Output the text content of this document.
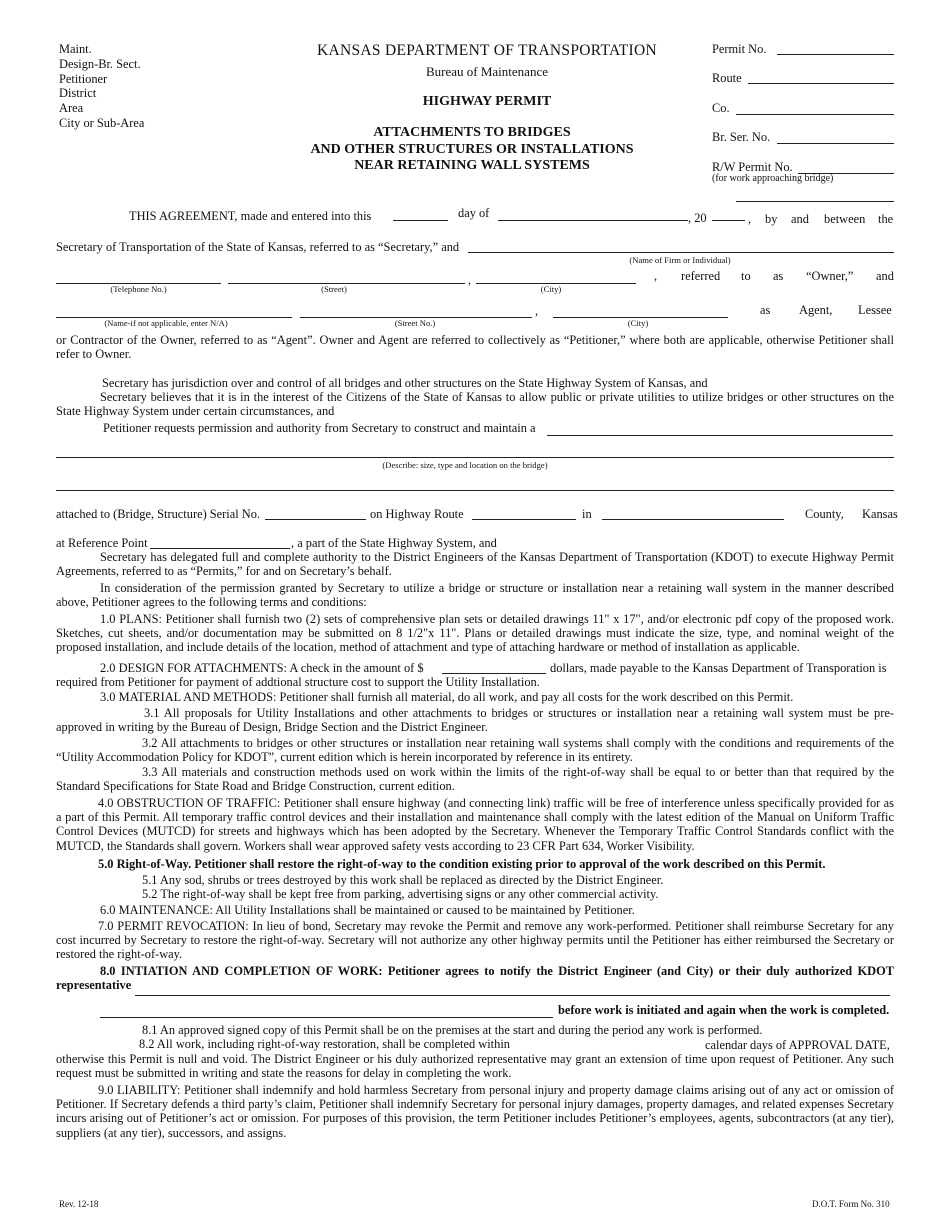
Maint.
Design-Br. Sect.
Petitioner
District
Area
City or Sub-Area
KANSAS DEPARTMENT OF TRANSPORTATION
Bureau of Maintenance
HIGHWAY PERMIT
ATTACHMENTS TO BRIDGES
AND OTHER STRUCTURES OR INSTALLATIONS
NEAR RETAINING WALL SYSTEMS
Permit No.
Route
Co.
Br. Ser. No.
R/W Permit No.
(for work approaching bridge)
THIS AGREEMENT, made and entered into this	day of	, 20	, by and between the
Secretary of Transportation of the State of Kansas, referred to as “Secretary,” and
(Name of Firm or Individual)
,
(Telephone No.)	(Street)	(City)
, referred to as “Owner,” and
,
(Name-if not applicable, enter N/A)	(Street No.)	(City)
as Agent, Lessee
or Contractor of the Owner, referred to as “Agent”. Owner and Agent are referred to collectively as “Petitioner,” where both are applicable, otherwise Petitioner shall refer to Owner.
Secretary has jurisdiction over and control of all bridges and other structures on the State Highway System of Kansas, and
Secretary believes that it is in the interest of the Citizens of the State of Kansas to allow public or private utilities to utilize bridges or other structures on the State Highway System under certain circumstances, and
Petitioner requests permission and authority from Secretary to construct and maintain a
(Describe: size, type and location on the bridge)
attached to (Bridge, Structure) Serial No.	on Highway Route	in	County, Kansas
at Reference Point	, a part of the State Highway System, and
Secretary has delegated full and complete authority to the District Engineers of the Kansas Department of Transportation (KDOT) to execute Highway Permit Agreements, referred to as “Permits,” for and on Secretary’s behalf.
In consideration of the permission granted by Secretary to utilize a bridge or structure or installation near a retaining wall system in the manner described above, Petitioner agrees to the following terms and conditions:
1.0 PLANS: Petitioner shall furnish two (2) sets of comprehensive plan sets or detailed drawings 11" x 17", and/or electronic pdf copy of the proposed work. Sketches, cut sheets, and/or documentation may be submitted on 8 1/2"x 11". Plans or detailed drawings must indicate the size, type, and nominal weight of the proposed installation, and include details of the location, method of attachment and type of attaching hardware or method of installation as applicable.
2.0 DESIGN FOR ATTACHMENTS: A check in the amount of $	dollars, made payable to the Kansas Department of Transporation is
required from Petitioner for payment of addtional structure cost to support the Utility Installation.
3.0 MATERIAL AND METHODS: Petitioner shall furnish all material, do all work, and pay all costs for the work described on this Permit.
3.1 All proposals for Utility Installations and other attachments to bridges or structures or installation near a retaining wall system must be pre-approved in writing by the Bureau of Design, Bridge Section and the District Engineer.
3.2 All attachments to bridges or other structures or installation near retaining wall systems shall comply with the conditions and requirements of the “Utility Accommodation Policy for KDOT”, current edition which is herein incorporated by reference in its entirety.
3.3 All materials and construction methods used on work within the limits of the right-of-way shall be equal to or better than that required by the Standard Specifications for State Road and Bridge Construction, current edition.
4.0 OBSTRUCTION OF TRAFFIC: Petitioner shall ensure highway (and connecting link) traffic will be free of interference unless specifically provided for as a part of this Permit. All temporary traffic control devices and their installation and maintenance shall comply with the latest edition of the Manual on Uniform Traffic Control Devices (MUTCD) for streets and highways which has been adopted by the Secretary. Whenever the Temporary Traffic Control Standards conflict with the MUTCD, the Standards shall govern. Workers shall wear approved safety vests according to 23 CFR Part 634, Worker Visibility.
5.0 Right-of-Way. Petitioner shall restore the right-of-way to the condition existing prior to approval of the work described on this Permit.
5.1 Any sod, shrubs or trees destroyed by this work shall be replaced as directed by the District Engineer.
5.2 The right-of-way shall be kept free from parking, advertising signs or any other commercial activity.
6.0 MAINTENANCE: All Utility Installations shall be maintained or caused to be maintained by Petitioner.
7.0 PERMIT REVOCATION: In lieu of bond, Secretary may revoke the Permit and remove any work-performed. Petitioner shall reimburse Secretary for any cost incurred by Secretary to restore the right-of-way. Secretary will not authorize any other highway permits until the Petitioner has either reimbursed the Secretary or restored the right-of-way.
8.0 INTIATION AND COMPLETION OF WORK: Petitioner agrees to notify the District Engineer (and City) or their duly authorized KDOT representative
before work is initiated and again when the work is completed.
8.1 An approved signed copy of this Permit shall be on the premises at the start and during the period any work is performed.
8.2 All work, including right-of-way restoration, shall be completed within	calendar days of APPROVAL DATE,
otherwise this Permit is null and void. The District Engineer or his duly authorized representative may grant an extension of time upon request of Petitioner. Any such request must be submitted in writing and state the reasons for delay in completing the work.
9.0 LIABILITY: Petitioner shall indemnify and hold harmless Secretary from personal injury and property damage claims arising out of any act or omission of Petitioner. If Secretary defends a third party’s claim, Petitioner shall indemnify Secretary for personal injury damages, property damages, and related expenses Secretary incurs arising out of Petitioner’s act or omission. For purposes of this provision, the term Petitioner includes Petitioner’s employees, agents, subcontractors (at any tier), suppliers (at any tier), successors, and assigns.
Rev. 12-18	D.O.T. Form No. 310
